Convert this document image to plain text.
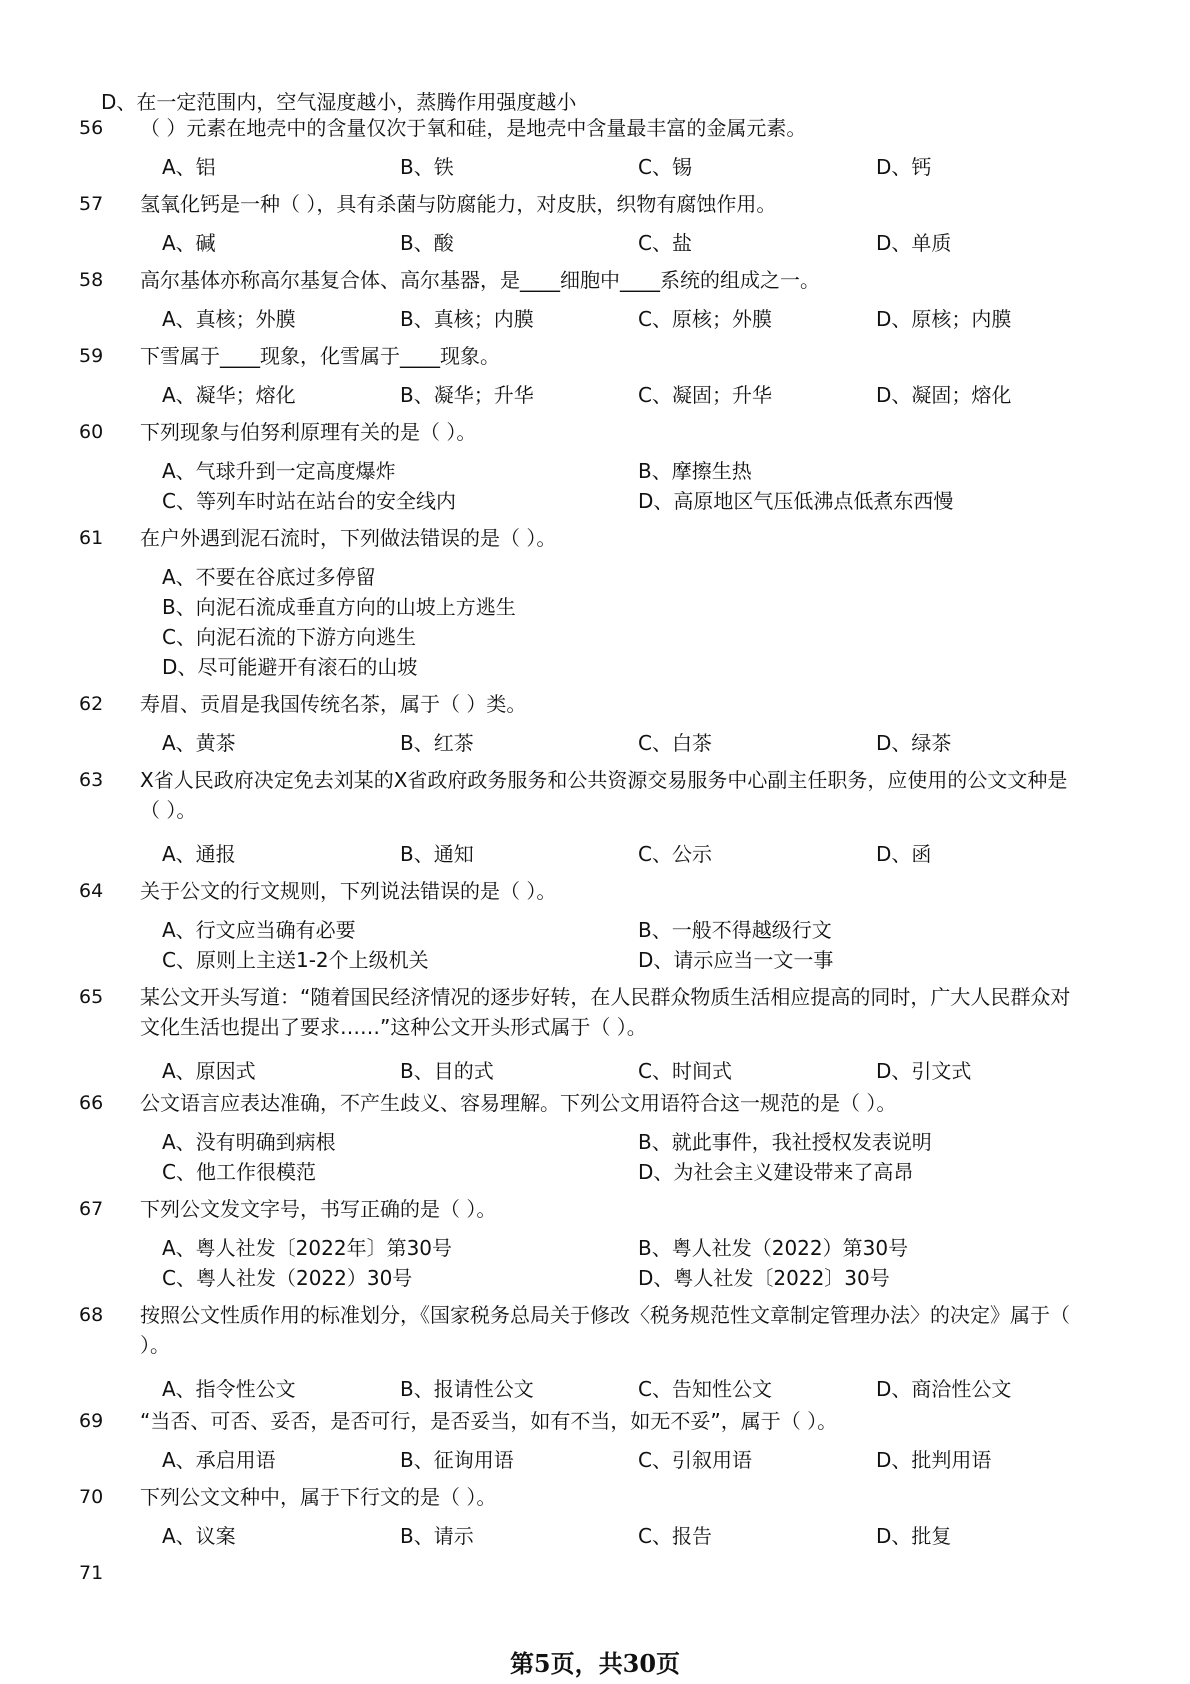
D、在一定范围内，空气湿度越小，蒸腾作用强度越小
56 （ ）元素在地壳中的含量仅次于氧和硅，是地壳中含量最丰富的金属元素。
A、铝	B、铁	C、锡	D、钙
57 氢氧化钙是一种（ ），具有杀菌与防腐能力，对皮肤，织物有腐蚀作用。
A、碱	B、酸	C、盐	D、单质
58 高尔基体亦称高尔基复合体、高尔基器，是____细胞中____系统的组成之一。
A、真核；外膜	B、真核；内膜	C、原核；外膜	D、原核；内膜
59 下雪属于____现象，化雪属于____现象。
A、凝华；熔化	B、凝华；升华	C、凝固；升华	D、凝固；熔化
60 下列现象与伯努利原理有关的是（ ）。
A、气球升到一定高度爆炸	B、摩擦生热
C、等列车时站在站台的安全线内	D、高原地区气压低沸点低煮东西慢
61 在户外遇到泥石流时，下列做法错误的是（ ）。
A、不要在谷底过多停留
B、向泥石流成垂直方向的山坡上方逃生
C、向泥石流的下游方向逃生
D、尽可能避开有滚石的山坡
62 寿眉、贡眉是我国传统名茶，属于（ ）类。
A、黄茶	B、红茶	C、白茶	D、绿茶
63 X省人民政府决定免去刘某的X省政府政务服务和公共资源交易服务中心副主任职务，应使用的公文文种是（ ）。
A、通报	B、通知	C、公示	D、函
64 关于公文的行文规则，下列说法错误的是（ ）。
A、行文应当确有必要	B、一般不得越级行文
C、原则上主送1-2个上级机关	D、请示应当一文一事
65 某公文开头写道：“随着国民经济情况的逐步好转，在人民群众物质生活相应提高的同时，广大人民群众对文化生活也提出了要求……”这种公文开头形式属于（ ）。
A、原因式	B、目的式	C、时间式	D、引文式
66 公文语言应表达准确，不产生歧义、容易理解。下列公文用语符合这一规范的是（ ）。
A、没有明确到病根	B、就此事件，我社授权发表说明
C、他工作很模范	D、为社会主义建设带来了高昂
67 下列公文发文字号，书写正确的是（ ）。
A、粤人社发〔2022年〕第30号	B、粤人社发（2022）第30号
C、粤人社发（2022）30号	D、粤人社发〔2022〕30号
68 按照公文性质作用的标准划分，《国家税务总局关于修改〈税务规范性文章制定管理办法〉的决定》属于（ ）。
A、指令性公文	B、报请性公文	C、告知性公文	D、商洽性公文
69 “当否、可否、妥否，是否可行，是否妥当，如有不当，如无不妥”，属于（ ）。
A、承启用语	B、征询用语	C、引叙用语	D、批判用语
70 下列公文文种中，属于下行文的是（ ）。
A、议案	B、请示	C、报告	D、批复
71
第5页，共30页
